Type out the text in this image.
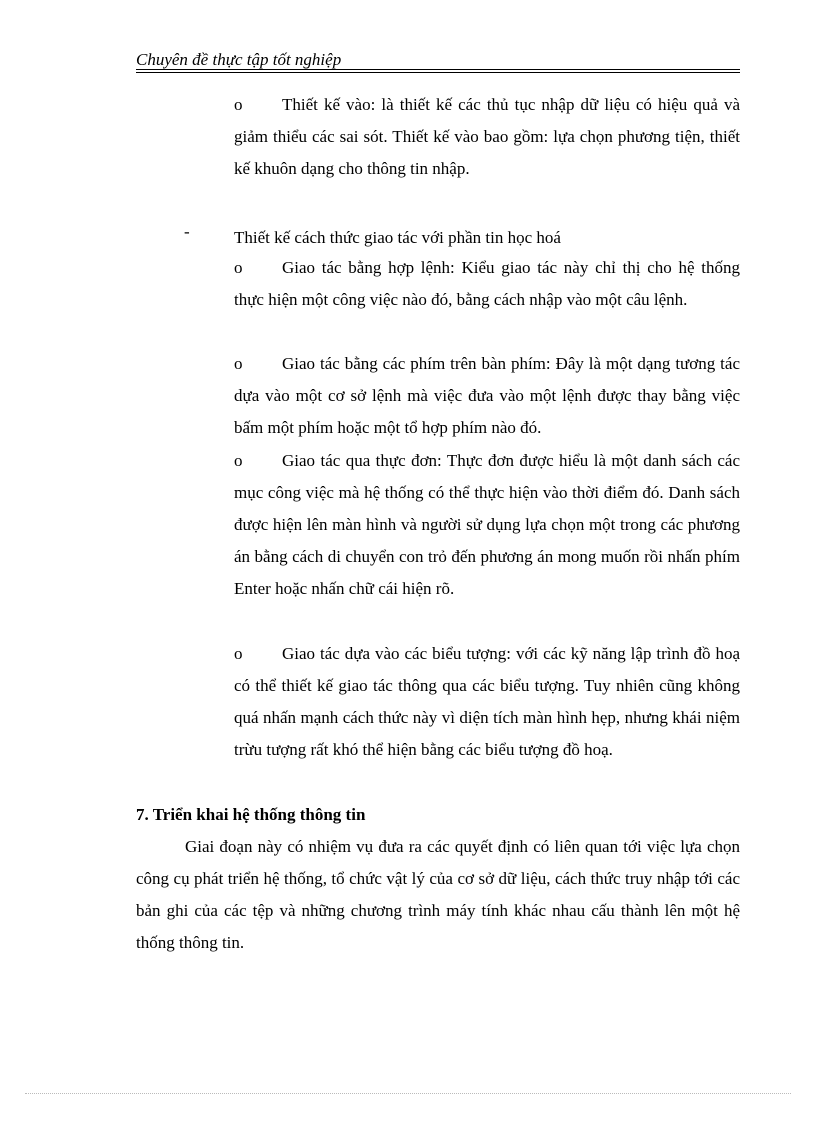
Chuyên đề thực tập tốt nghiệp
o Thiết kế vào: là thiết kế các thủ tục nhập dữ liệu có hiệu quả và giảm thiểu các sai sót. Thiết kế vào bao gồm: lựa chọn phương tiện, thiết kế khuôn dạng cho thông tin nhập.
-	Thiết kế cách thức giao tác với phần tin học hoá
o Giao tác bằng hợp lệnh: Kiểu giao tác này chỉ thị cho hệ thống thực hiện một công việc nào đó, bằng cách nhập vào một câu lệnh.
o Giao tác bằng các phím trên bàn phím: Đây là một dạng tương tác dựa vào một cơ sở lệnh mà việc đưa vào một lệnh được thay bằng việc bấm một phím hoặc một tổ hợp phím nào đó.
o Giao tác qua thực đơn: Thực đơn được hiểu là một danh sách các mục công việc mà hệ thống có thể thực hiện vào thời điểm đó. Danh sách được hiện lên màn hình và người sử dụng lựa chọn một trong các phương án bằng cách di chuyển con trỏ đến phương án mong muốn rồi nhấn phím Enter hoặc nhấn chữ cái hiện rõ.
o Giao tác dựa vào các biểu tượng: với các kỹ năng lập trình đồ hoạ có thể thiết kế giao tác thông qua các biểu tượng. Tuy nhiên cũng không quá nhấn mạnh cách thức này vì diện tích màn hình hẹp, nhưng khái niệm trừu tượng rất khó thể hiện bằng các biểu tượng đồ hoạ.
7. Triển khai hệ thống thông tin
Giai đoạn này có nhiệm vụ đưa ra các quyết định có liên quan tới việc lựa chọn công cụ phát triển hệ thống, tổ chức vật lý của cơ sở dữ liệu, cách thức truy nhập tới các bản ghi của các tệp và những chương trình máy tính khác nhau cấu thành lên một hệ thống thông tin.
